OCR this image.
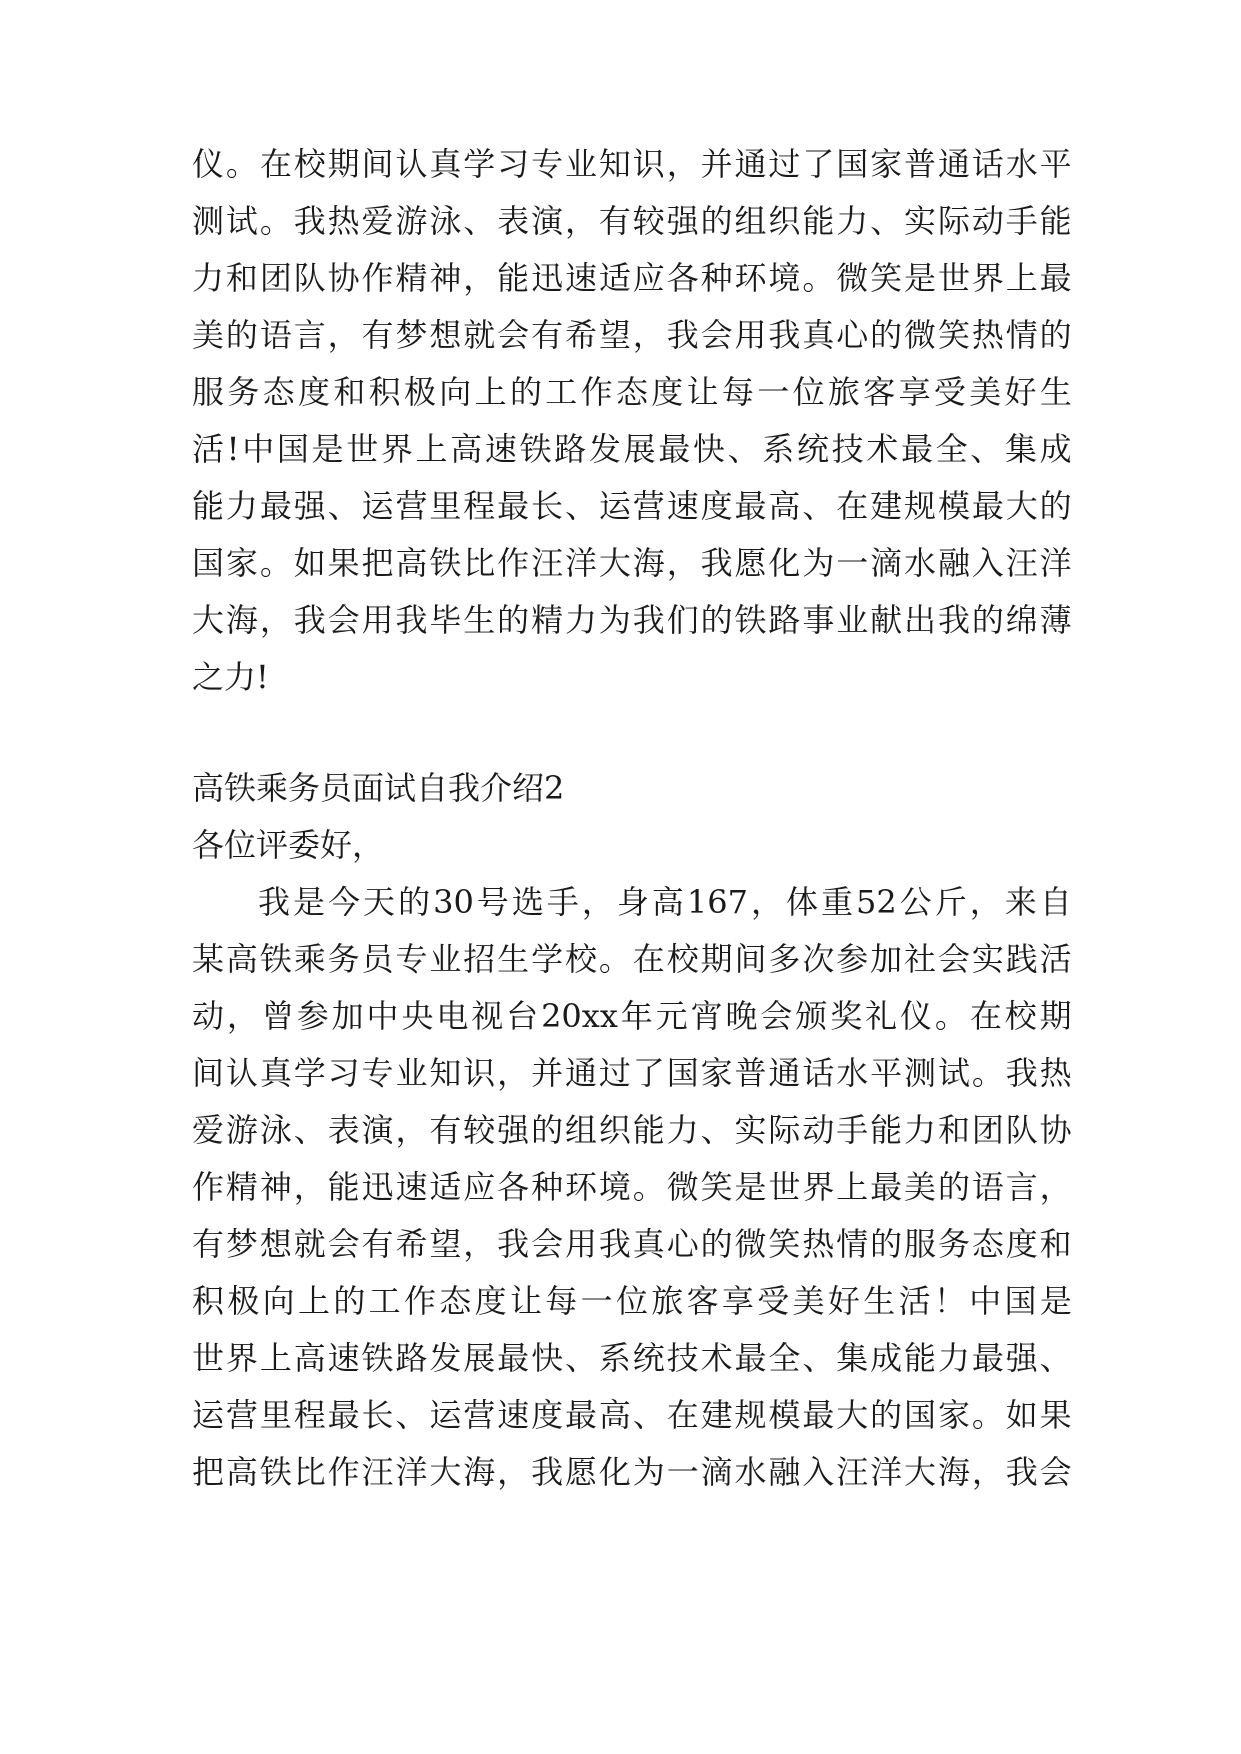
仪 。 在 校 期 间 认 真 学 习 专 业 知 识 ， 并 通 过 了 国 家 普 通 话 水 平
测 试 。 我 热 爱 游 泳 、 表 演 ， 有 较 强 的 组 织 能 力 、 实 际 动 手 能
力 和 团 队 协 作 精 神 ， 能 迅 速 适 应 各 种 环 境 。 微 笑 是 世 界 上 最
美 的 语 言 ， 有 梦 想 就 会 有 希 望 ， 我 会 用 我 真 心 的 微 笑 热 情 的
服 务 态 度 和 积 极 向 上 的 工 作 态 度 让 每 一 位 旅 客 享 受 美 好 生
活 ! 中 国 是 世 界 上 高 速 铁 路 发 展 最 快 、 系 统 技 术 最 全 、 集 成
能 力 最 强 、 运 营 里 程 最 长 、 运 营 速 度 最 高 、 在 建 规 模 最 大 的
国 家 。 如 果 把 高 铁 比 作 汪 洋 大 海 ， 我 愿 化 为 一 滴 水 融 入 汪 洋
大 海 ， 我 会 用 我 毕 生 的 精 力 为 我 们 的 铁 路 事 业 献 出 我 的 绵 薄
之力!
高铁乘务员面试自我介绍2
各位评委好，
我 是 今 天 的 30 号 选 手 ， 身 高 167 ， 体 重 52 公 斤 ， 来 自
某 高 铁 乘 务 员 专 业 招 生 学 校 。 在 校 期 间 多 次 参 加 社 会 实 践 活
动 ， 曾 参 加 中 央 电 视 台 20xx 年 元 宵 晚 会 颁 奖 礼 仪 。 在 校 期
间 认 真 学 习 专 业 知 识 ， 并 通 过 了 国 家 普 通 话 水 平 测 试 。 我 热
爱 游 泳 、 表 演 ， 有 较 强 的 组 织 能 力 、 实 际 动 手 能 力 和 团 队 协
作 精 神 ， 能 迅 速 适 应 各 种 环 境 。 微 笑 是 世 界 上 最 美 的 语 言 ，
有 梦 想 就 会 有 希 望 ， 我 会 用 我 真 心 的 微 笑 热 情 的 服 务 态 度 和
积 极 向 上 的 工 作 态 度 让 每 一 位 旅 客 享 受 美 好 生 活 ！ 中 国 是
世 界 上 高 速 铁 路 发 展 最 快 、 系 统 技 术 最 全 、 集 成 能 力 最 强 、
运 营 里 程 最 长 、 运 营 速 度 最 高 、 在 建 规 模 最 大 的 国 家 。 如 果
把 高 铁 比 作 汪 洋 大 海 ， 我 愿 化 为 一 滴 水 融 入 汪 洋 大 海 ， 我 会
